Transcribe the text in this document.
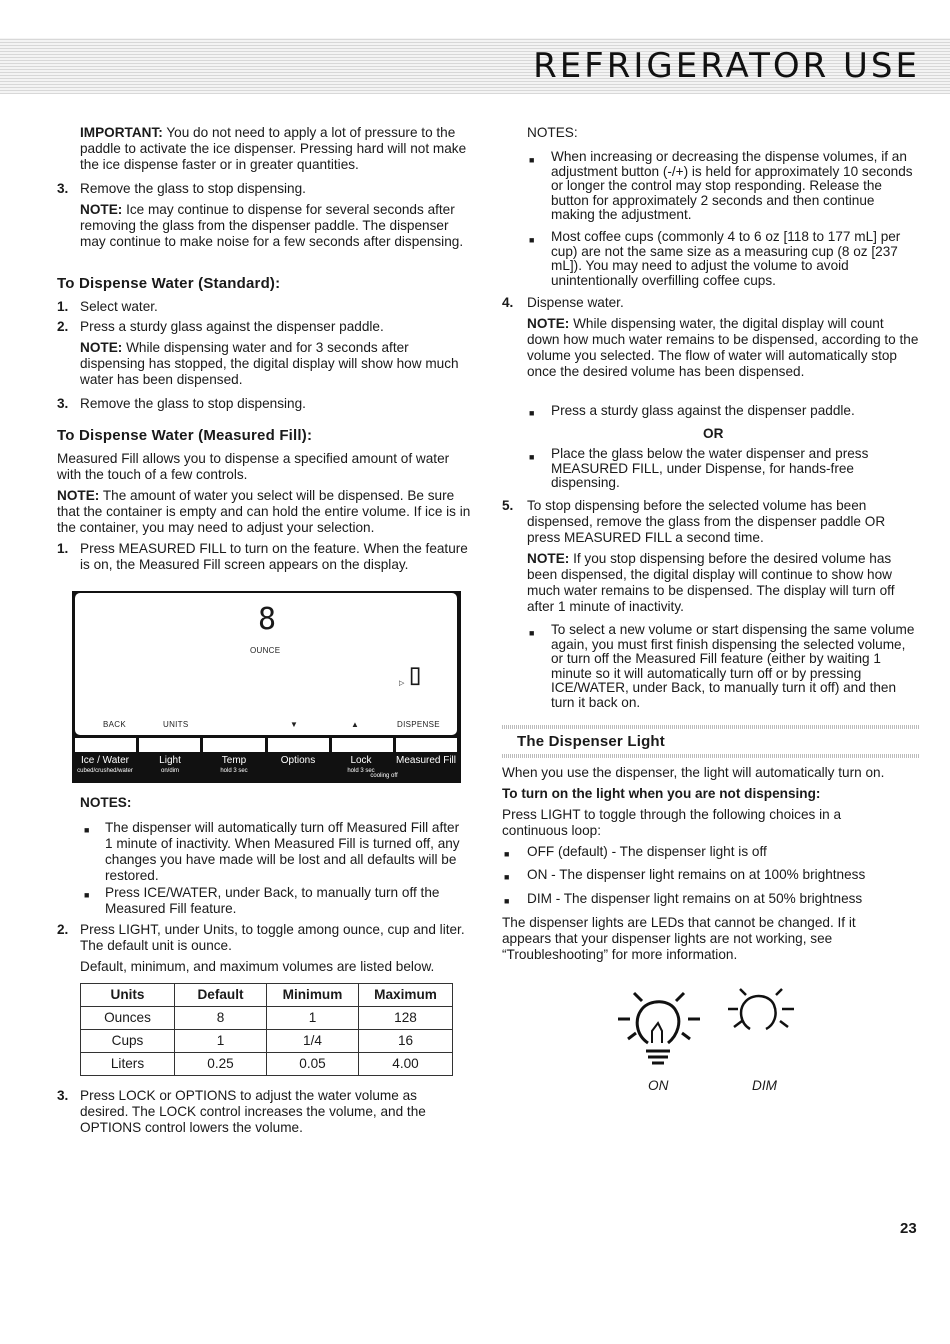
REFRIGERATOR USE

IMPORTANT: You do not need to apply a lot of pressure to the paddle to activate the ice dispenser. Pressing hard will not make the ice dispense faster or in greater quantities.

3. Remove the glass to stop dispensing.

NOTE: Ice may continue to dispense for several seconds after removing the glass from the dispenser paddle. The dispenser may continue to make noise for a few seconds after dispensing.

To Dispense Water (Standard):
1. Select water.

2. Press a sturdy glass against the dispenser paddle.

NOTE: While dispensing water and for 3 seconds after dispensing has stopped, the digital display will show how much water has been dispensed.

3. Remove the glass to stop dispensing.

To Dispense Water (Measured Fill):

Measured Fill allows you to dispense a specified amount of water with the touch of a few controls.

NOTE: The amount of water you select will be dispensed. Be sure that the container is empty and can hold the entire volume. If ice is in the container, you may need to adjust your selection.

1. Press MEASURED FILL to turn on the feature. When the feature is on, the Measured Fill screen appears on the display.

8
OUNCE
▷ ▯
BACK	UNITS	▼	▲	DISPENSE
Ice / Water
cubed/crushed/water
Light
on/dim
Temp
hold 3 sec
Options	Lock
hold 3 sec
Measured Fill
cooling off

NOTES:

■ The dispenser will automatically turn off Measured Fill after 1 minute of inactivity. When Measured Fill is turned off, any changes you have made will be lost and all defaults will be restored.

■ Press ICE/WATER, under Back, to manually turn off the Measured Fill feature.

2. Press LIGHT, under Units, to toggle among ounce, cup and liter. The default unit is ounce.

Default, minimum, and maximum volumes are listed below.

Units	Default	Minimum	Maximum
Ounces	8	1	128
Cups	1	1/4	16
Liters	0.25	0.05	4.00
3. Press LOCK or OPTIONS to adjust the water volume as desired. The LOCK control increases the volume, and the OPTIONS control lowers the volume.

NOTES:

■ When increasing or decreasing the dispense volumes, if an adjustment button (-/+) is held for approximately 10 seconds or longer the control may stop responding. Release the button for approximately 2 seconds and then continue making the adjustment.

■ Most coffee cups (commonly 4 to 6 oz [118 to 177 mL] per cup) are not the same size as a measuring cup (8 oz [237 mL]). You may need to adjust the volume to avoid unintentionally overfilling coffee cups.

4. Dispense water.

NOTE: While dispensing water, the digital display will count down how much water remains to be dispensed, according to the volume you selected. The flow of water will automatically stop once the desired volume has been dispensed.

■ Press a sturdy glass against the dispenser paddle.

OR

■ Place the glass below the water dispenser and press MEASURED FILL, under Dispense, for hands-free dispensing.

5. To stop dispensing before the selected volume has been dispensed, remove the glass from the dispenser paddle OR press MEASURED FILL a second time.

NOTE: If you stop dispensing before the desired volume has been dispensed, the digital display will continue to show how much water remains to be dispensed. The display will turn off after 1 minute of inactivity.

■ To select a new volume or start dispensing the same volume again, you must first finish dispensing the selected volume, or turn off the Measured Fill feature (either by waiting 1 minute so it will automatically turn off or by pressing ICE/WATER, under Back, to manually turn it off) and then turn it back on.

The Dispenser Light

When you use the dispenser, the light will automatically turn on.

To turn on the light when you are not dispensing:

Press LIGHT to toggle through the following choices in a continuous loop:

■ OFF (default) - The dispenser light is off

■ ON - The dispenser light remains on at 100% brightness

■ DIM - The dispenser light remains on at 50% brightness

The dispenser lights are LEDs that cannot be changed. If it appears that your dispenser lights are not working, see “Troubleshooting” for more information.

ON	DIM

23
